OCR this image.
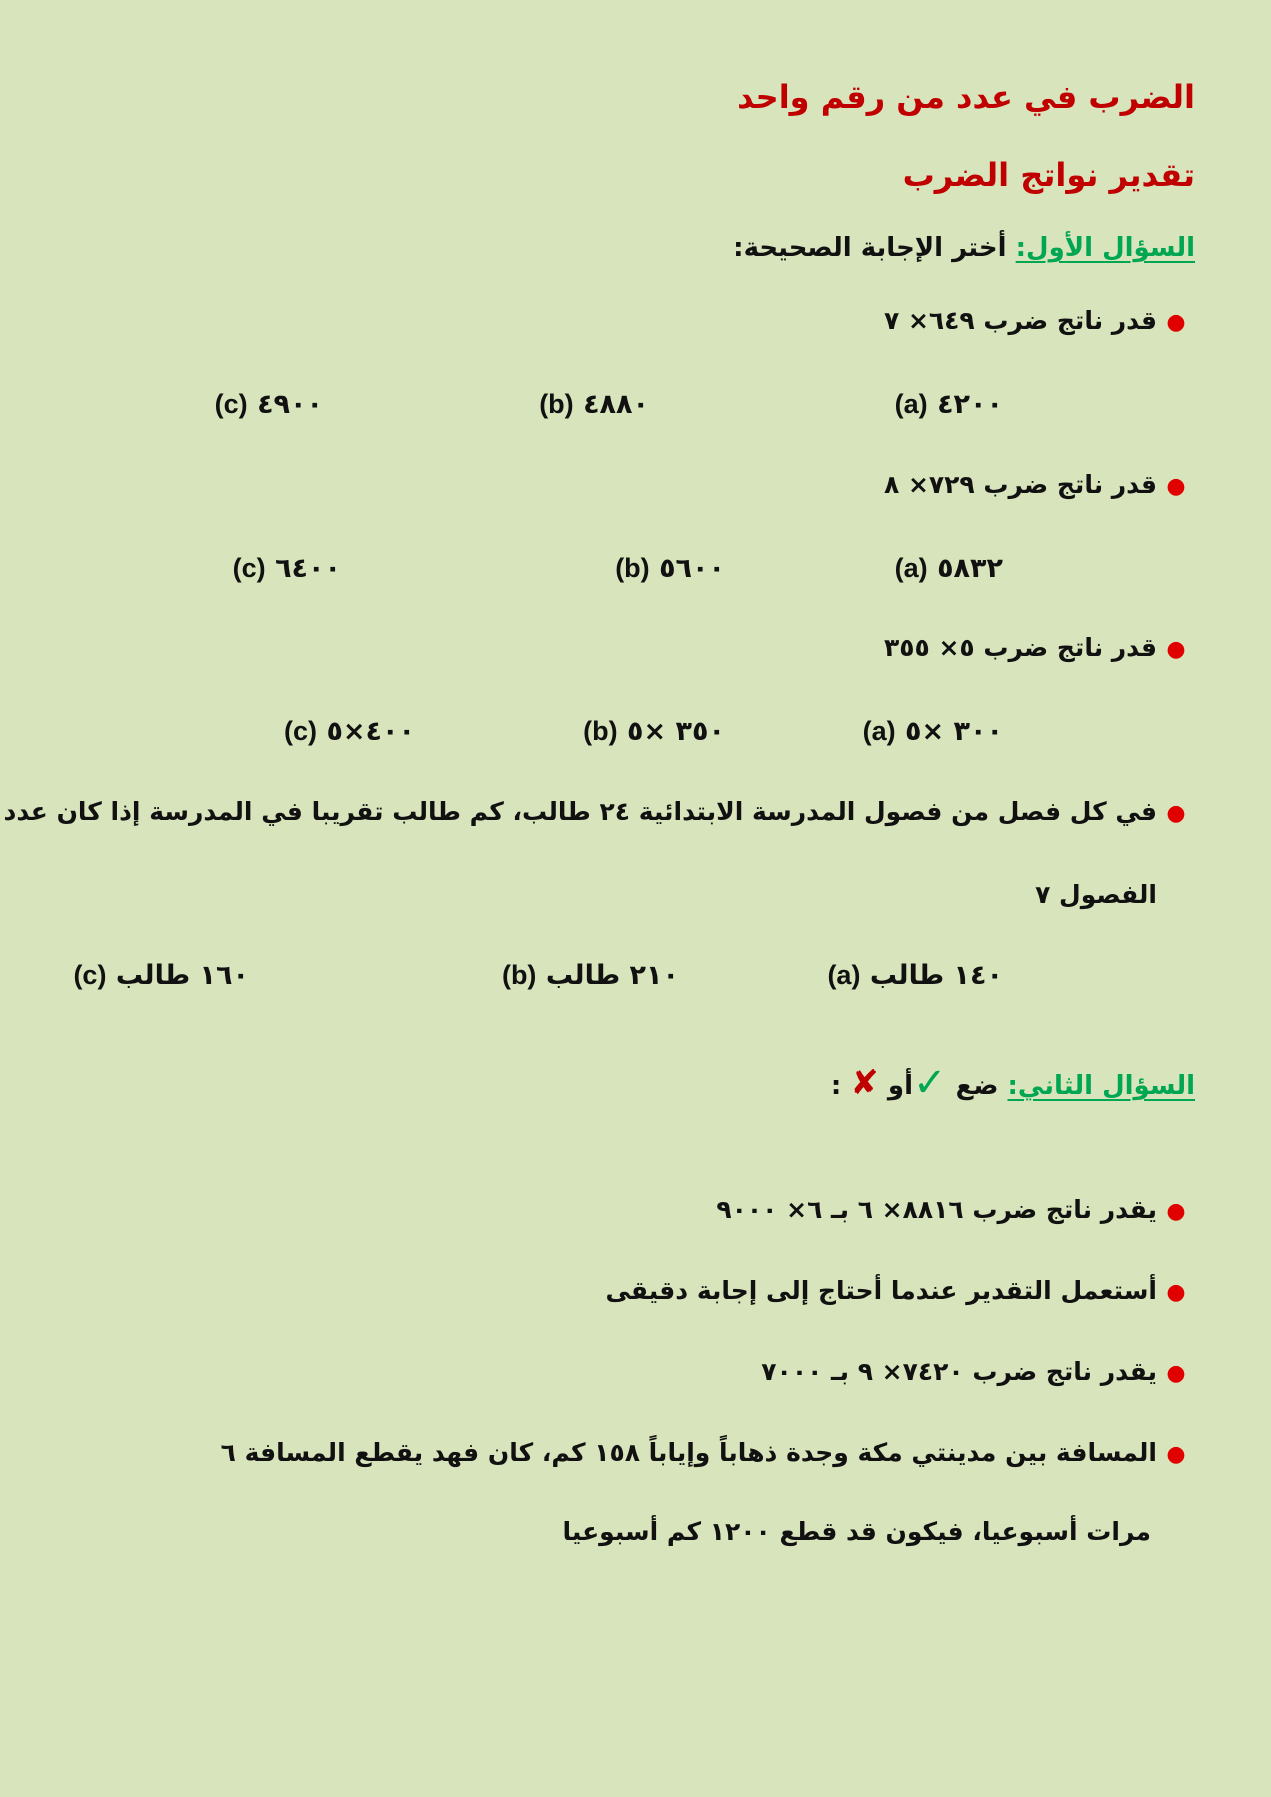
الضرب في عدد من رقم واحد
تقدير نواتج الضرب
السؤال الأول: أختر الإجابة الصحيحة:
●قدر ناتج ضرب ٦٤٩× ٧
٤٢٠٠ (a)
٤٨٨٠ (b)
٤٩٠٠ (c)
●قدر ناتج ضرب ٧٢٩× ٨
٥٨٣٢ (a)
٥٦٠٠ (b)
٦٤٠٠ (c)
●قدر ناتج ضرب ٥× ٣٥٥
٣٠٠ ×٥ (a)
٣٥٠ ×٥ (b)
٤٠٠×٥ (c)
●في كل فصل من فصول المدرسة الابتدائية ٢٤ طالب، كم طالب تقريبا في المدرسة إذا كان عدد
الفصول ٧
١٤٠ طالب (a)
٢١٠ طالب (b)
١٦٠ طالب (c)
السؤال الثاني: ضع ✓أو ✘ :
●يقدر ناتج ضرب ٨٨١٦× ٦ بـ ٦× ٩٠٠٠
●أستعمل التقدير عندما أحتاج إلى إجابة دقيقى
●يقدر ناتج ضرب ٧٤٢٠× ٩ بـ ٧٠٠٠
●المسافة بين مدينتي مكة وجدة ذهاباً وإياباً ١٥٨ كم، كان فهد يقطع المسافة ٦
مرات أسبوعيا، فيكون قد قطع ١٢٠٠ كم أسبوعيا
